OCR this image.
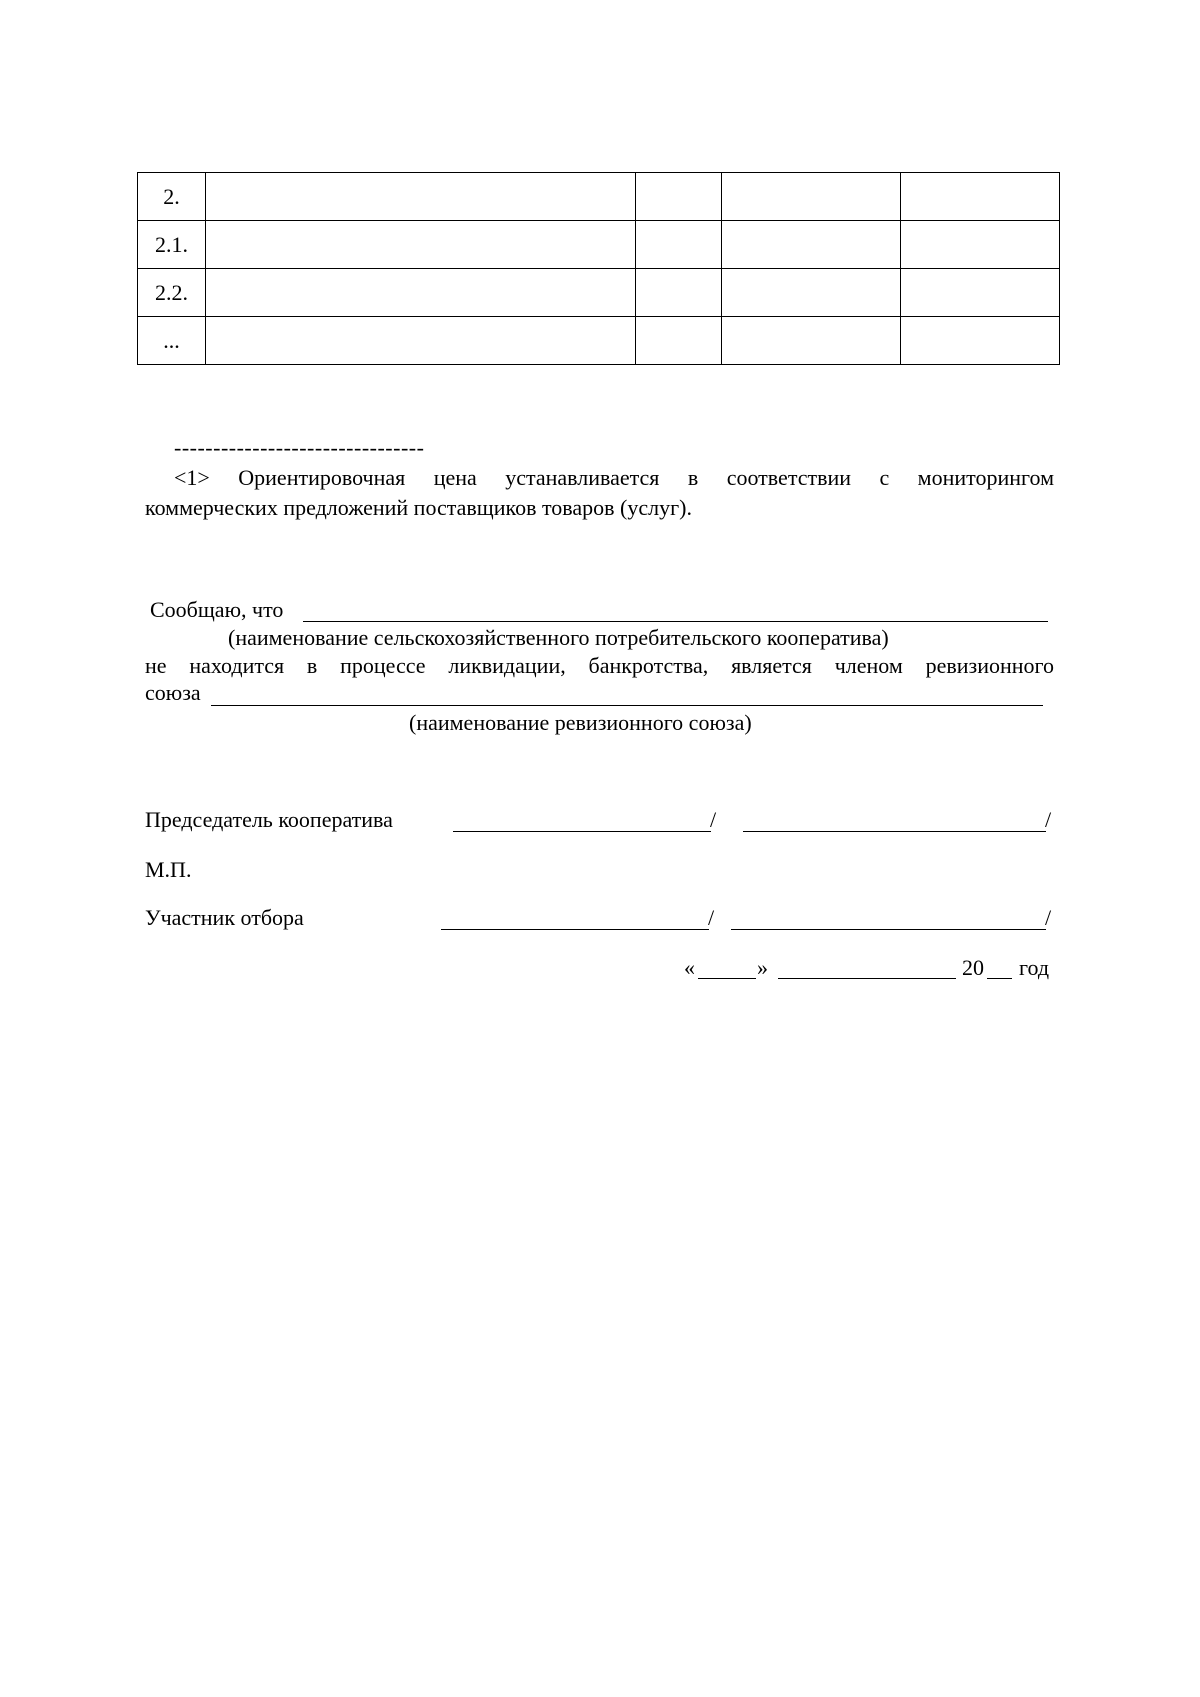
2.				
2.1.				
2.2.				
...				
--------------------------------
<1> Ориентировочная цена устанавливается в соответствии с мониторингом
коммерческих предложений поставщиков товаров (услуг).
Сообщаю, что
(наименование сельскохозяйственного потребительского кооператива)
не находится в процессе ликвидации, банкротства, является членом ревизионного
союза
(наименование ревизионного союза)
Председатель кооператива	/	/
М.П.
Участник отбора	/	/
«	»	20 год
